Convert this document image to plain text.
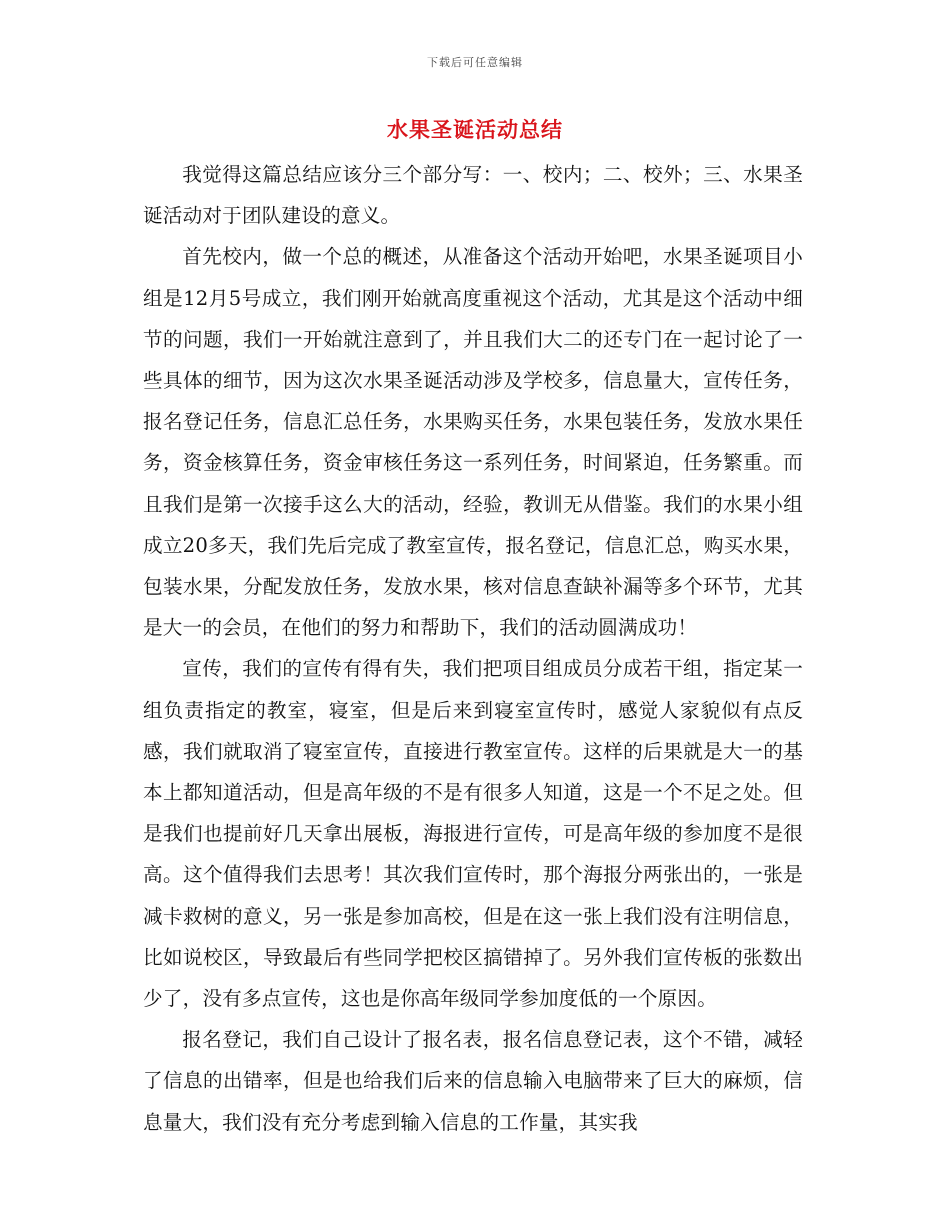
下载后可任意编辑
水果圣诞活动总结

我觉得这篇总结应该分三个部分写：一、校内；二、校外；三、水果圣诞活动对于团队建设的意义。

首先校内，做一个总的概述，从准备这个活动开始吧，水果圣诞项目小组是12月5号成立，我们刚开始就高度重视这个活动，尤其是这个活动中细节的问题，我们一开始就注意到了，并且我们大二的还专门在一起讨论了一些具体的细节，因为这次水果圣诞活动涉及学校多，信息量大，宣传任务，报名登记任务，信息汇总任务，水果购买任务，水果包装任务，发放水果任务，资金核算任务，资金审核任务这一系列任务，时间紧迫，任务繁重。而且我们是第一次接手这么大的活动，经验，教训无从借鉴。我们的水果小组成立20多天，我们先后完成了教室宣传，报名登记，信息汇总，购买水果，包装水果，分配发放任务，发放水果，核对信息查缺补漏等多个环节，尤其是大一的会员，在他们的努力和帮助下，我们的活动圆满成功！

宣传，我们的宣传有得有失，我们把项目组成员分成若干组，指定某一组负责指定的教室，寝室，但是后来到寝室宣传时，感觉人家貌似有点反感，我们就取消了寝室宣传，直接进行教室宣传。这样的后果就是大一的基本上都知道活动，但是高年级的不是有很多人知道，这是一个不足之处。但是我们也提前好几天拿出展板，海报进行宣传，可是高年级的参加度不是很高。这个值得我们去思考！其次我们宣传时，那个海报分两张出的，一张是减卡救树的意义，另一张是参加高校，但是在这一张上我们没有注明信息，比如说校区，导致最后有些同学把校区搞错掉了。另外我们宣传板的张数出少了，没有多点宣传，这也是你高年级同学参加度低的一个原因。

报名登记，我们自己设计了报名表，报名信息登记表，这个不错，减轻了信息的出错率，但是也给我们后来的信息输入电脑带来了巨大的麻烦，信息量大，我们没有充分考虑到输入信息的工作量，其实我
